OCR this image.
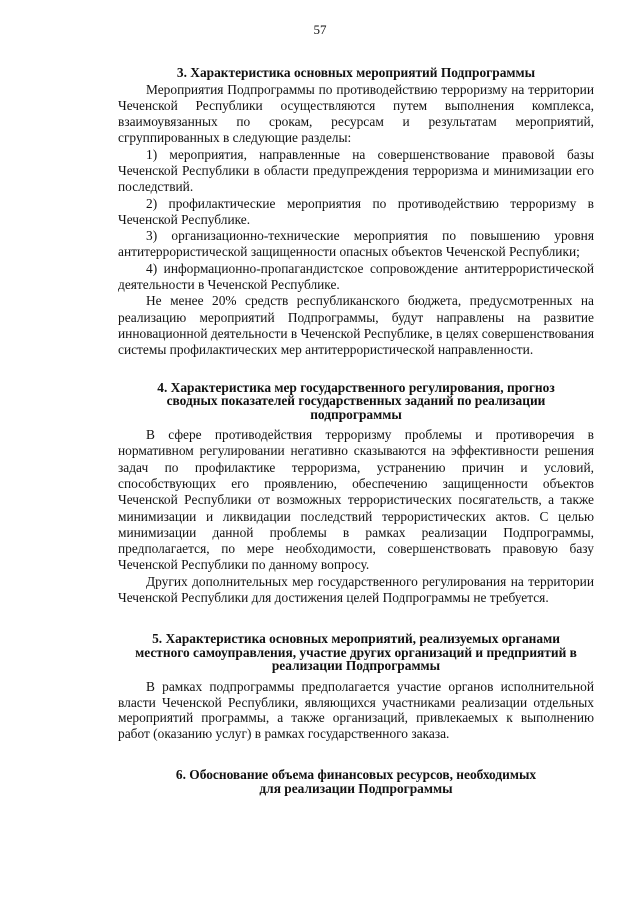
57
3. Характеристика основных мероприятий Подпрограммы

Мероприятия Подпрограммы по противодействию терроризму на территории Чеченской Республики осуществляются путем выполнения комплекса, взаимоувязанных по срокам, ресурсам и результатам мероприятий, сгруппированных в следующие разделы:

1) мероприятия, направленные на совершенствование правовой базы Чеченской Республики в области предупреждения терроризма и минимизации его последствий.

2) профилактические мероприятия по противодействию терроризму в Чеченской Республике.

3) организационно-технические мероприятия по повышению уровня антитеррористической защищенности опасных объектов Чеченской Республики;

4) информационно-пропагандистское сопровождение антитеррористической деятельности в Чеченской Республике.

Не менее 20% средств республиканского бюджета, предусмотренных на реализацию мероприятий Подпрограммы, будут направлены на развитие инновационной деятельности в Чеченской Республике, в целях совершенствования системы профилактических мер антитеррористической направленности.

4. Характеристика мер государственного регулирования, прогноз
сводных показателей государственных заданий по реализации
подпрограммы

В сфере противодействия терроризму проблемы и противоречия в нормативном регулировании негативно сказываются на эффективности решения задач по профилактике терроризма, устранению причин и условий, способствующих его проявлению, обеспечению защищенности объектов Чеченской Республики от возможных террористических посягательств, а также минимизации и ликвидации последствий террористических актов. С целью минимизации данной проблемы в рамках реализации Подпрограммы, предполагается, по мере необходимости, совершенствовать правовую базу Чеченской Республики по данному вопросу.

Других дополнительных мер государственного регулирования на территории Чеченской Республики для достижения целей Подпрограммы не требуется.

5. Характеристика основных мероприятий, реализуемых органами
местного самоуправления, участие других организаций и предприятий в
реализации Подпрограммы

В рамках подпрограммы предполагается участие органов исполнительной власти Чеченской Республики, являющихся участниками реализации отдельных мероприятий программы, а также организаций, привлекаемых к выполнению работ (оказанию услуг) в рамках государственного заказа.

6. Обоснование объема финансовых ресурсов, необходимых
для реализации Подпрограммы
